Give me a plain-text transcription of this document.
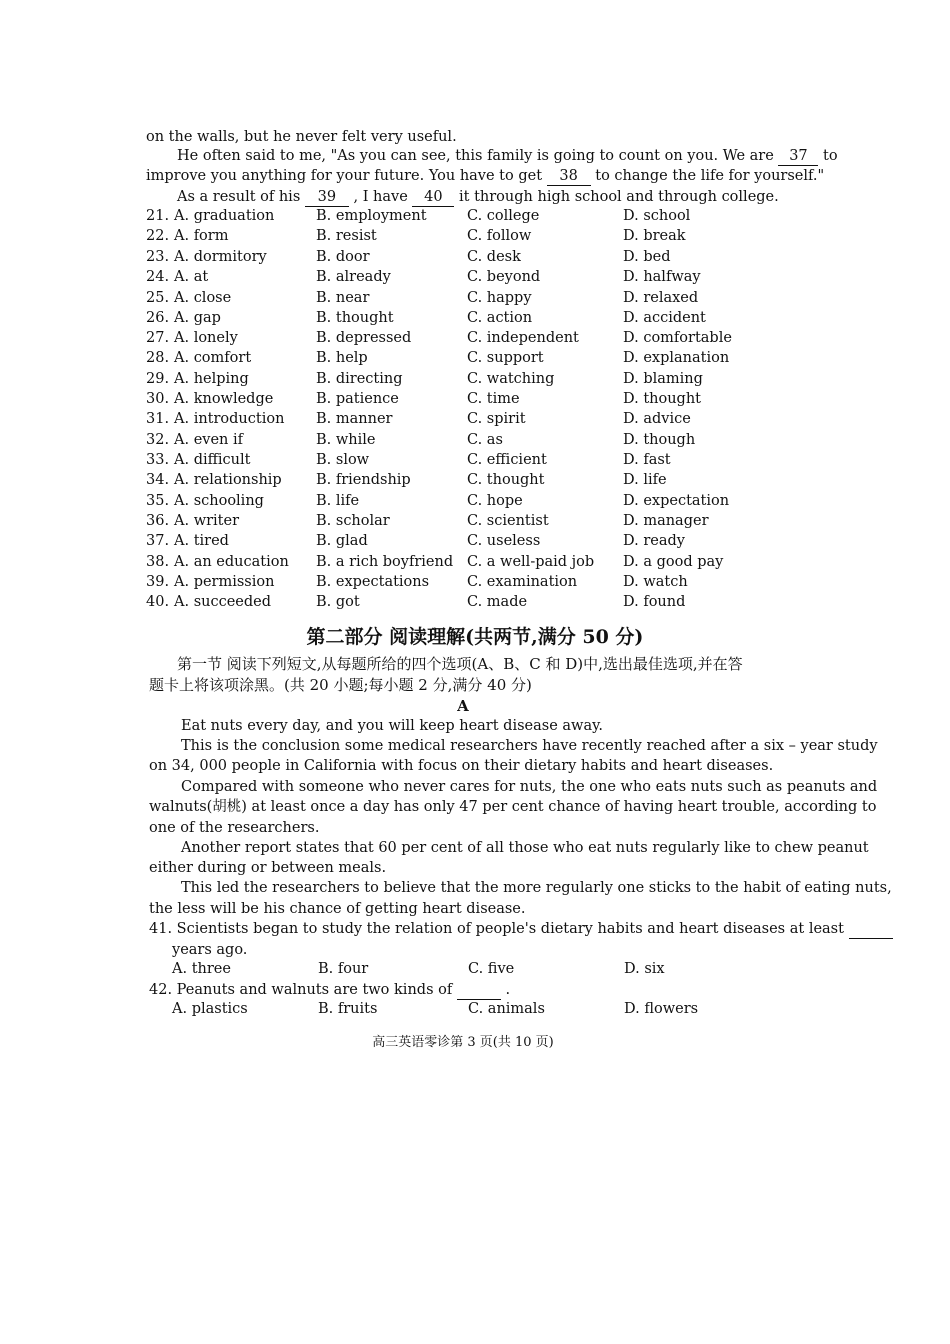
on the walls, but he never felt very useful.
He often said to me, "As you can see, this family is going to count on you. We are 37 to
improve you anything for your future. You have to get 38 to change the life for yourself."
As a result of his 39 , I have 40 it through high school and through college.
21. A. graduation	B. employment	C. college	D. school
22. A. form	B. resist	C. follow	D. break
23. A. dormitory	B. door	C. desk	D. bed
24. A. at	B. already	C. beyond	D. halfway
25. A. close	B. near	C. happy	D. relaxed
26. A. gap	B. thought	C. action	D. accident
27. A. lonely	B. depressed	C. independent	D. comfortable
28. A. comfort	B. help	C. support	D. explanation
29. A. helping	B. directing	C. watching	D. blaming
30. A. knowledge	B. patience	C. time	D. thought
31. A. introduction B. manner	C. spirit	D. advice
32. A. even if	B. while	C. as	D. though
33. A. difficult	B. slow	C. efficient	D. fast
34. A. relationship B. friendship	C. thought	D. life
35. A. schooling	B. life	C. hope	D. expectation
36. A. writer	B. scholar	C. scientist	D. manager
37. A. tired	B. glad	C. useless	D. ready
38. A. an education B. a rich boyfriend C. a well-paid job D. a good pay
39. A. permission	B. expectations	C. examination	D. watch
40. A. succeeded	B. got	C. made	D. found
第二部分 阅读理解(共两节,满分 50 分)
第一节 阅读下列短文,从每题所给的四个选项(A、B、C 和 D)中,选出最佳选项,并在答
题卡上将该项涂黑。(共 20 小题;每小题 2 分,满分 40 分)
A
Eat nuts every day, and you will keep heart disease away.
This is the conclusion some medical researchers have recently reached after a six – year study
on 34, 000 people in California with focus on their dietary habits and heart diseases.
Compared with someone who never cares for nuts, the one who eats nuts such as peanuts and
walnuts(胡桃) at least once a day has only 47 per cent chance of having heart trouble, according to
one of the researchers.
Another report states that 60 per cent of all those who eat nuts regularly like to chew peanut
either during or between meals.
This led the researchers to believe that the more regularly one sticks to the habit of eating nuts,
the less will be his chance of getting heart disease.
41. Scientists began to study the relation of people's dietary habits and heart diseases at least
years ago.
A. three	B. four	C. five	D. six
42. Peanuts and walnuts are two kinds of	.
A. plastics	B. fruits	C. animals	D. flowers
高三英语零诊第 3 页(共 10 页)
